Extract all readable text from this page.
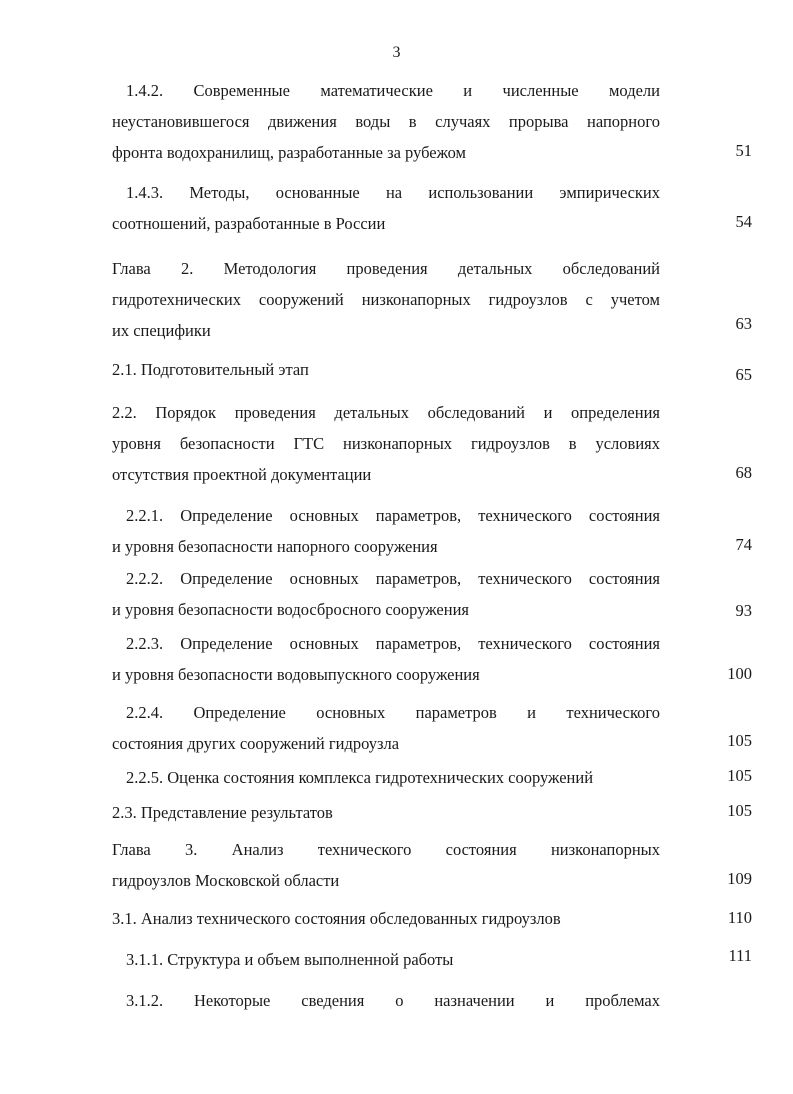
3
1.4.2. Современные математические и численные модели
неустановившегося движения воды в случаях прорыва напорного
фронта водохранилищ, разработанные за рубежом
1.4.3. Методы, основанные на использовании эмпирических
соотношений, разработанные в России
Глава 2. Методология проведения детальных обследований
гидротехнических сооружений низконапорных гидроузлов с учетом
их специфики
2.1. Подготовительный этап
2.2. Порядок проведения детальных обследований и определения
уровня безопасности ГТС низконапорных гидроузлов в условиях
отсутствия проектной документации
2.2.1. Определение основных параметров, технического состояния
и уровня безопасности напорного сооружения
2.2.2. Определение основных параметров, технического состояния
и уровня безопасности водосбросного сооружения
2.2.3. Определение основных параметров, технического состояния
и уровня безопасности водовыпускного сооружения
2.2.4. Определение основных параметров и технического
состояния других сооружений гидроузла
2.2.5. Оценка состояния комплекса гидротехнических сооружений
2.3. Представление результатов
Глава 3. Анализ технического состояния низконапорных
гидроузлов Московской области
3.1. Анализ технического состояния обследованных гидроузлов
3.1.1. Структура и объем выполненной работы
3.1.2. Некоторые сведения о назначении и проблемах
51
54
63
65
68
74
93
100
105
105
105
109
110
111
